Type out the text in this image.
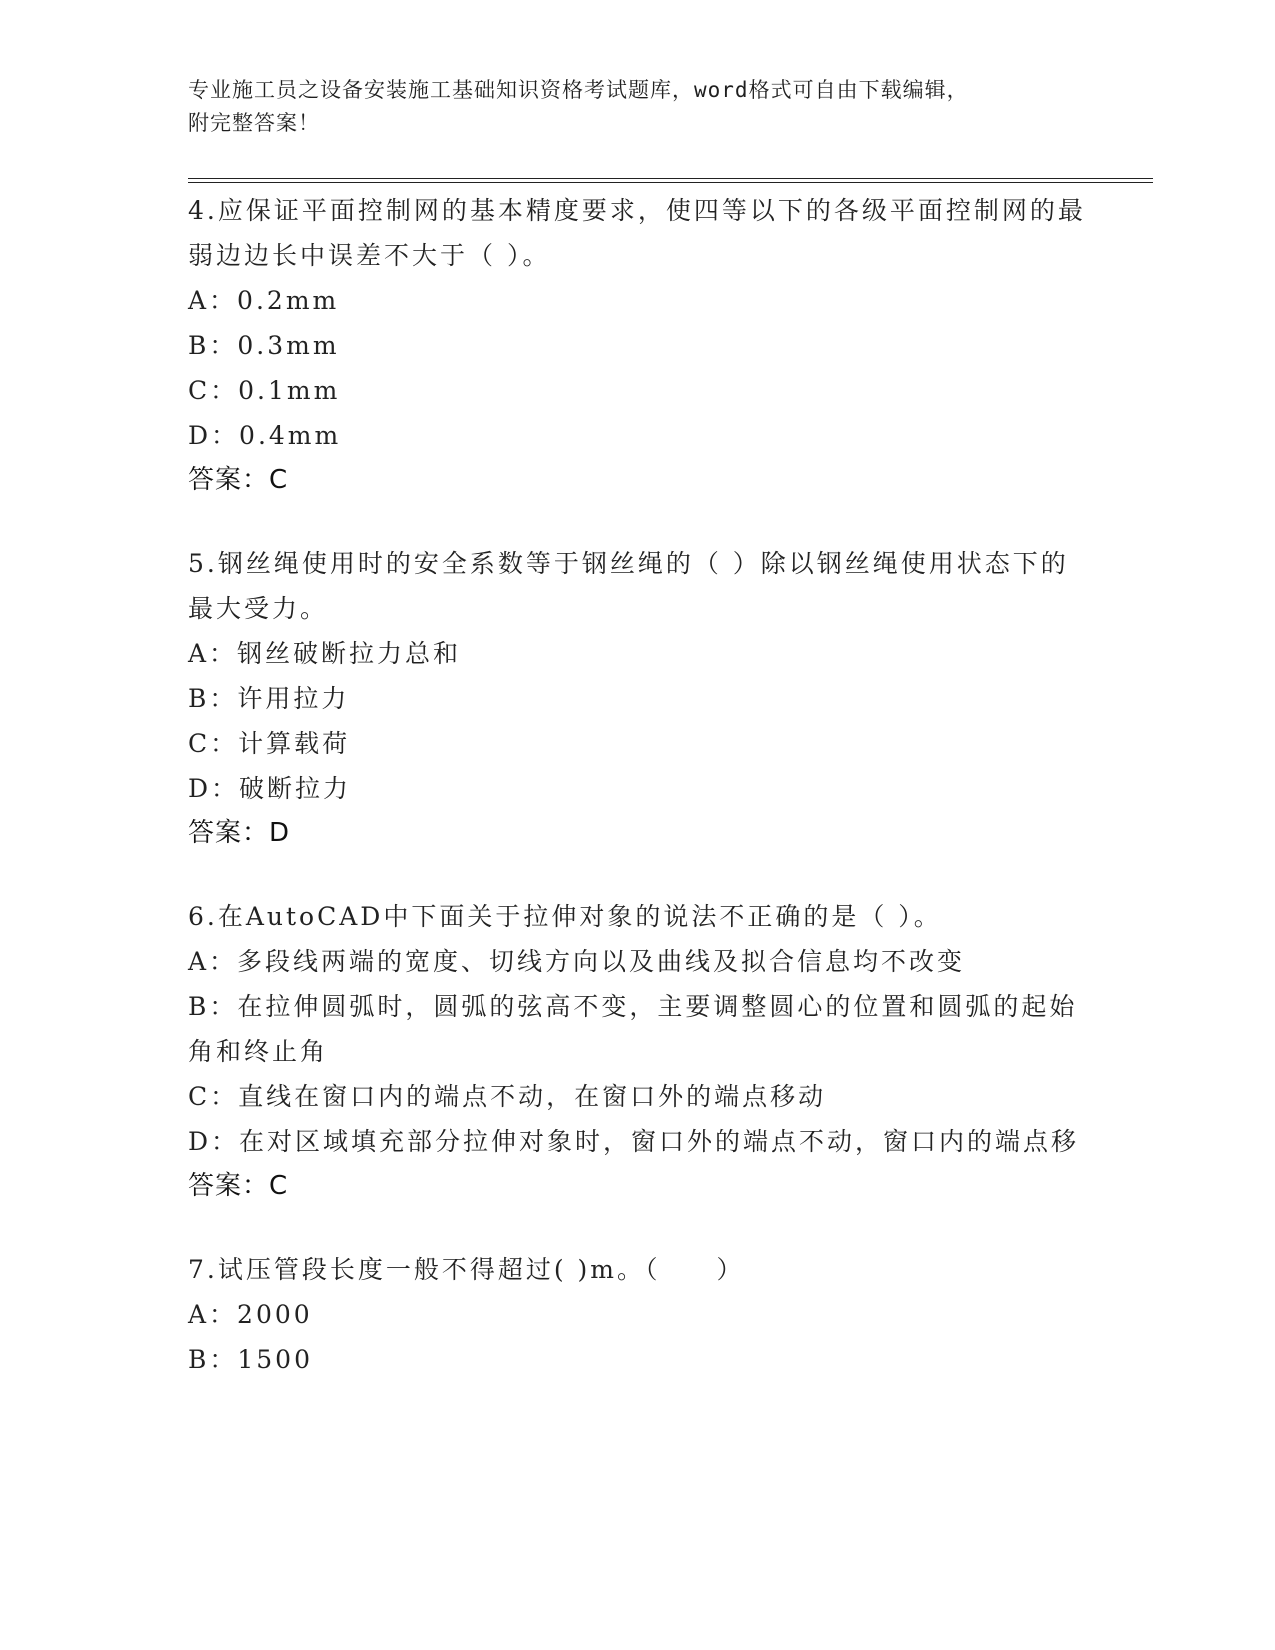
专业施工员之设备安装施工基础知识资格考试题库，word格式可自由下载编辑，
附完整答案！
4.应保证平面控制网的基本精度要求，使四等以下的各级平面控制网的最弱边边长中误差不大于（ ）。
A：0.2mm
B：0.3mm
C：0.1mm
D：0.4mm
答案：C
5.钢丝绳使用时的安全系数等于钢丝绳的（ ）除以钢丝绳使用状态下的最大受力。
A：钢丝破断拉力总和
B：许用拉力
C：计算载荷
D：破断拉力
答案：D
6.在AutoCAD中下面关于拉伸对象的说法不正确的是（ ）。
A：多段线两端的宽度、切线方向以及曲线及拟合信息均不改变
B：在拉伸圆弧时，圆弧的弦高不变，主要调整圆心的位置和圆弧的起始角和终止角
C：直线在窗口内的端点不动，在窗口外的端点移动
D：在对区域填充部分拉伸对象时，窗口外的端点不动，窗口内的端点移
答案：C
7.试压管段长度一般不得超过( )m。（　　）
A：2000
B：1500
